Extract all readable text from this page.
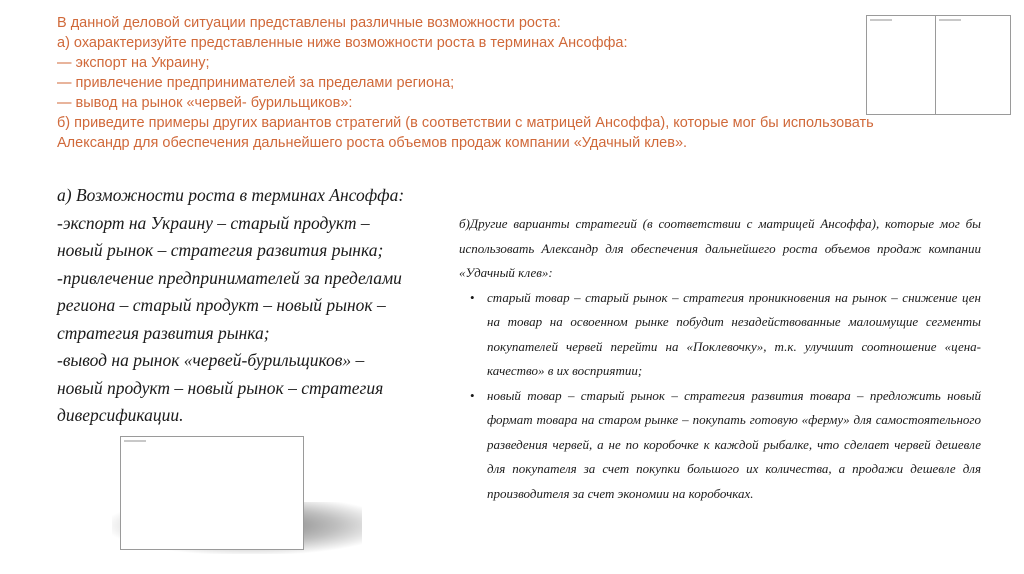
В данной деловой ситуации представлены различные возможности роста:
а) охарактеризуйте представленные ниже возможности роста в терминах Ансоффа:
— экспорт на Украину;
— привлечение предпринимателей за пределами региона;
— вывод на рынок «червей- бурильщиков»:
б) приведите примеры других вариантов стратегий (в соответствии с матрицей Ансоффа), которые мог бы использовать
Александр для обеспечения дальнейшего роста объемов продаж компании «Удачный клев».
а) Возможности роста в терминах Ансоффа:
-экспорт на Украину – старый продукт –
новый рынок – стратегия развития рынка;
-привлечение предпринимателей за пределами
региона – старый продукт – новый рынок –
стратегия развития рынка;
-вывод на рынок «червей-бурильщиков» –
новый продукт – новый рынок – стратегия
диверсификации.
б)Другие варианты стратегий (в соответствии с матрицей Ансоффа), которые мог бы использовать Александр для обеспечения дальнейшего роста объемов продаж компании «Удачный клев»:
• старый товар – старый рынок – стратегия проникновения на рынок – снижение цен на товар на освоенном рынке побудит незадействованные малоимущие сегменты покупателей червей перейти на «Поклевочку», т.к. улучшит соотношение «цена-качество» в их восприятии;
• новый товар – старый рынок – стратегия развития товара – предложить новый формат товара на старом рынке – покупать готовую «ферму» для самостоятельного разведения червей, а не по коробочке к каждой рыбалке, что сделает червей дешевле для покупателя за счет покупки большого их количества, а продажи дешевле для производителя за счет экономии на коробочках.
